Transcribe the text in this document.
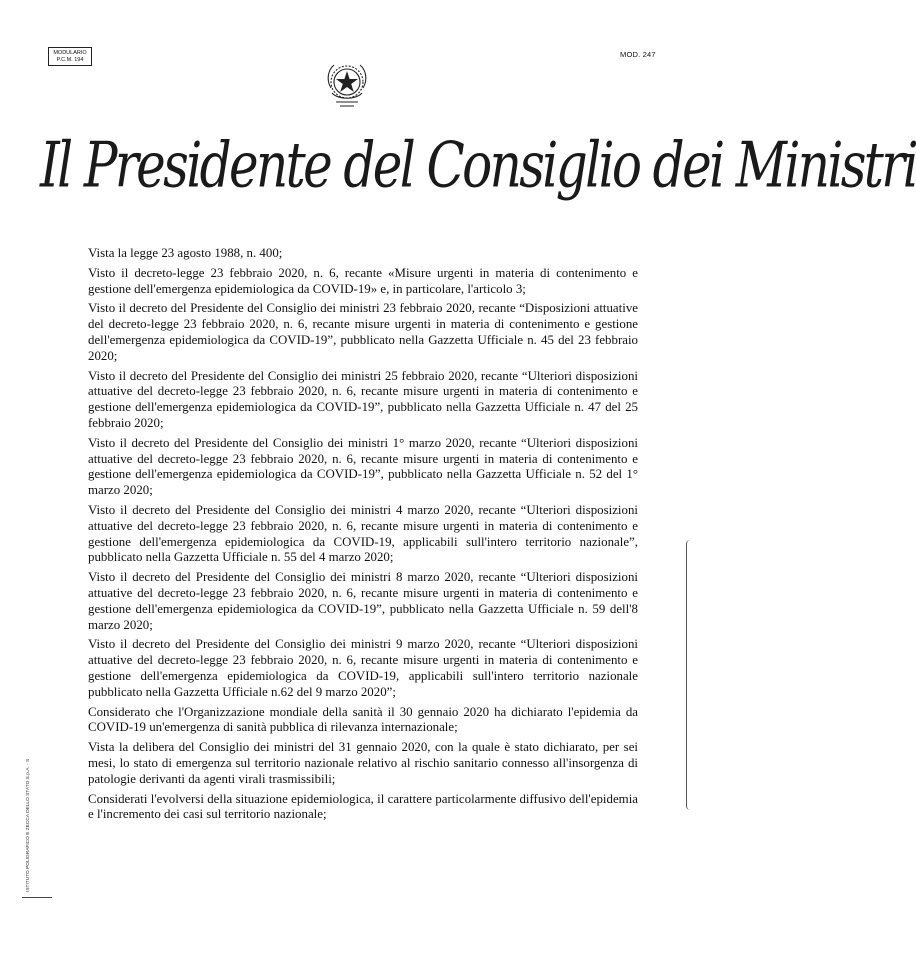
MODULARIO
P.C.M. 194
MOD. 247
Il Presidente del Consiglio dei Ministri

Vista la legge 23 agosto 1988, n. 400;

Visto il decreto-legge 23 febbraio 2020, n. 6, recante «Misure urgenti in materia di contenimento e gestione dell'emergenza epidemiologica da COVID-19» e, in particolare, l'articolo 3;

Visto il decreto del Presidente del Consiglio dei ministri 23 febbraio 2020, recante “Disposizioni attuative del decreto-legge 23 febbraio 2020, n. 6, recante misure urgenti in materia di contenimento e gestione dell'emergenza epidemiologica da COVID-19”, pubblicato nella Gazzetta Ufficiale n. 45 del 23 febbraio 2020;

Visto il decreto del Presidente del Consiglio dei ministri 25 febbraio 2020, recante “Ulteriori disposizioni attuative del decreto-legge 23 febbraio 2020, n. 6, recante misure urgenti in materia di contenimento e gestione dell'emergenza epidemiologica da COVID-19”, pubblicato nella Gazzetta Ufficiale n. 47 del 25 febbraio 2020;

Visto il decreto del Presidente del Consiglio dei ministri 1° marzo 2020, recante “Ulteriori disposizioni attuative del decreto-legge 23 febbraio 2020, n. 6, recante misure urgenti in materia di contenimento e gestione dell'emergenza epidemiologica da COVID-19”, pubblicato nella Gazzetta Ufficiale n. 52 del 1° marzo 2020;

Visto il decreto del Presidente del Consiglio dei ministri 4 marzo 2020, recante “Ulteriori disposizioni attuative del decreto-legge 23 febbraio 2020, n. 6, recante misure urgenti in materia di contenimento e gestione dell'emergenza epidemiologica da COVID-19, applicabili sull'intero territorio nazionale”, pubblicato nella Gazzetta Ufficiale n. 55 del 4 marzo 2020;

Visto il decreto del Presidente del Consiglio dei ministri 8 marzo 2020, recante “Ulteriori disposizioni attuative del decreto-legge 23 febbraio 2020, n. 6, recante misure urgenti in materia di contenimento e gestione dell'emergenza epidemiologica da COVID-19”, pubblicato nella Gazzetta Ufficiale n. 59 dell'8 marzo 2020;

Visto il decreto del Presidente del Consiglio dei ministri 9 marzo 2020, recante “Ulteriori disposizioni attuative del decreto-legge 23 febbraio 2020, n. 6, recante misure urgenti in materia di contenimento e gestione dell'emergenza epidemiologica da COVID-19, applicabili sull'intero territorio nazionale pubblicato nella Gazzetta Ufficiale n.62 del 9 marzo 2020”;

Considerato che l'Organizzazione mondiale della sanità il 30 gennaio 2020 ha dichiarato l'epidemia da COVID-19 un'emergenza di sanità pubblica di rilevanza internazionale;

Vista la delibera del Consiglio dei ministri del 31 gennaio 2020, con la quale è stato dichiarato, per sei mesi, lo stato di emergenza sul territorio nazionale relativo al rischio sanitario connesso all'insorgenza di patologie derivanti da agenti virali trasmissibili;

Considerati l'evolversi della situazione epidemiologica, il carattere particolarmente diffusivo dell'epidemia e l'incremento dei casi sul territorio nazionale;

ISTITUTO POLIGRAFICO E ZECCA DELLO STATO S.p.A. - S
